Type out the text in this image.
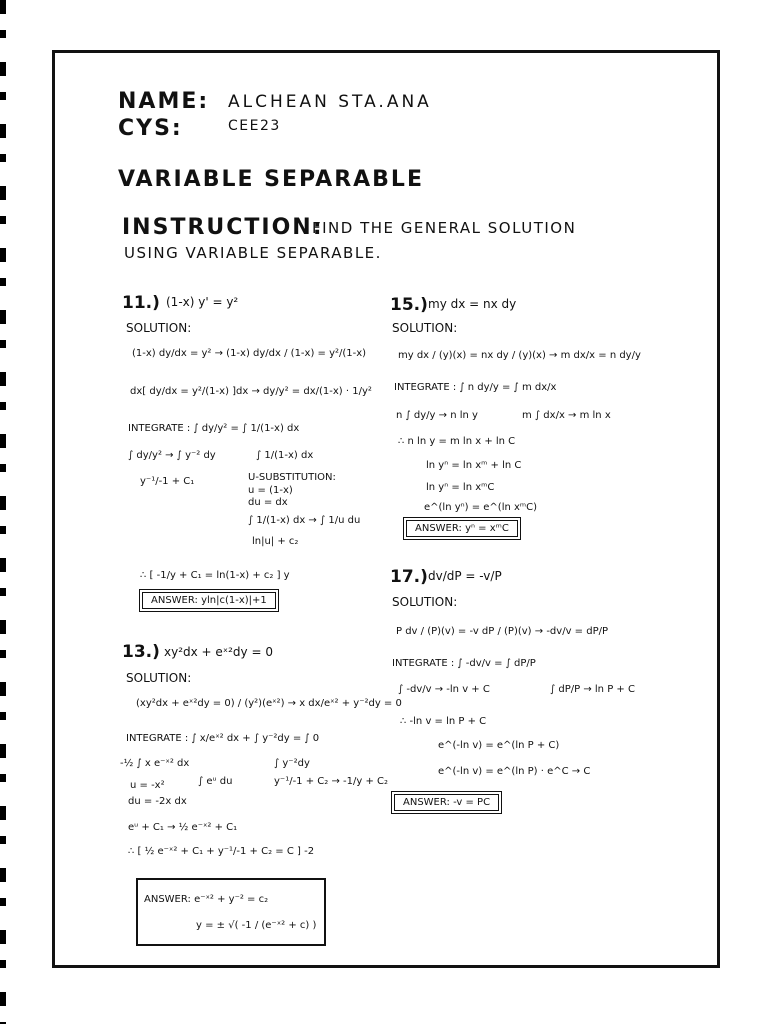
NAME: ALCHEAN STA.ANA
CYS:	CEE23
VARIABLE SEPARABLE
INSTRUCTION:
FIND THE GENERAL SOLUTION
USING VARIABLE SEPARABLE.
11.) (1-x) y' = y²
SOLUTION:
(1-x) dy/dx = y² → (1-x) dy/dx / (1-x) = y²/(1-x)
dx[ dy/dx = y²/(1-x) ]dx → dy/y² = dx/(1-x) · 1/y²
INTEGRATE : ∫ dy/y² = ∫ 1/(1-x) dx
∫ dy/y² → ∫ y⁻² dy	∫ 1/(1-x) dx
y⁻¹/-1 + C₁	U-SUBSTITUTION:
u = (1-x)
du = dx
∫ 1/(1-x) dx → ∫ 1/u du
ln|u| + c₂
∴ [ -1/y + C₁ = ln(1-x) + c₂ ] y
ANSWER: yln|c(1-x)|+1
13.) xy²dx + eˣ²dy = 0
SOLUTION:
(xy²dx + eˣ²dy = 0) / (y²)(eˣ²) → x dx/eˣ² + y⁻²dy = 0
INTEGRATE : ∫ x/eˣ² dx + ∫ y⁻²dy = ∫ 0
-½ ∫ x e⁻ˣ² dx	∫ y⁻²dy
u = -x²	∫ eᵘ du	y⁻¹/-1 + C₂ → -1/y + C₂
du = -2x dx
eᵘ + C₁ → ½ e⁻ˣ² + C₁
∴ [ ½ e⁻ˣ² + C₁ + y⁻¹/-1 + C₂ = C ] -2
ANSWER: e⁻ˣ² + y⁻² = c₂
y = ± √( -1 / (e⁻ˣ² + c) )
15.) my dx = nx dy
SOLUTION:
my dx / (y)(x) = nx dy / (y)(x) → m dx/x = n dy/y
INTEGRATE : ∫ n dy/y = ∫ m dx/x
n ∫ dy/y → n ln y	m ∫ dx/x → m ln x
∴ n ln y = m ln x + ln C
ln yⁿ = ln xᵐ + ln C
ln yⁿ = ln xᵐC
e^(ln yⁿ) = e^(ln xᵐC)
ANSWER: yⁿ = xᵐC
17.) dv/dP = -v/P
SOLUTION:
P dv / (P)(v) = -v dP / (P)(v) → -dv/v = dP/P
INTEGRATE : ∫ -dv/v = ∫ dP/P
∫ -dv/v → -ln v + C	∫ dP/P → ln P + C
∴ -ln v = ln P + C
e^(-ln v) = e^(ln P + C)
e^(-ln v) = e^(ln P) · e^C → C
ANSWER: -v = PC
